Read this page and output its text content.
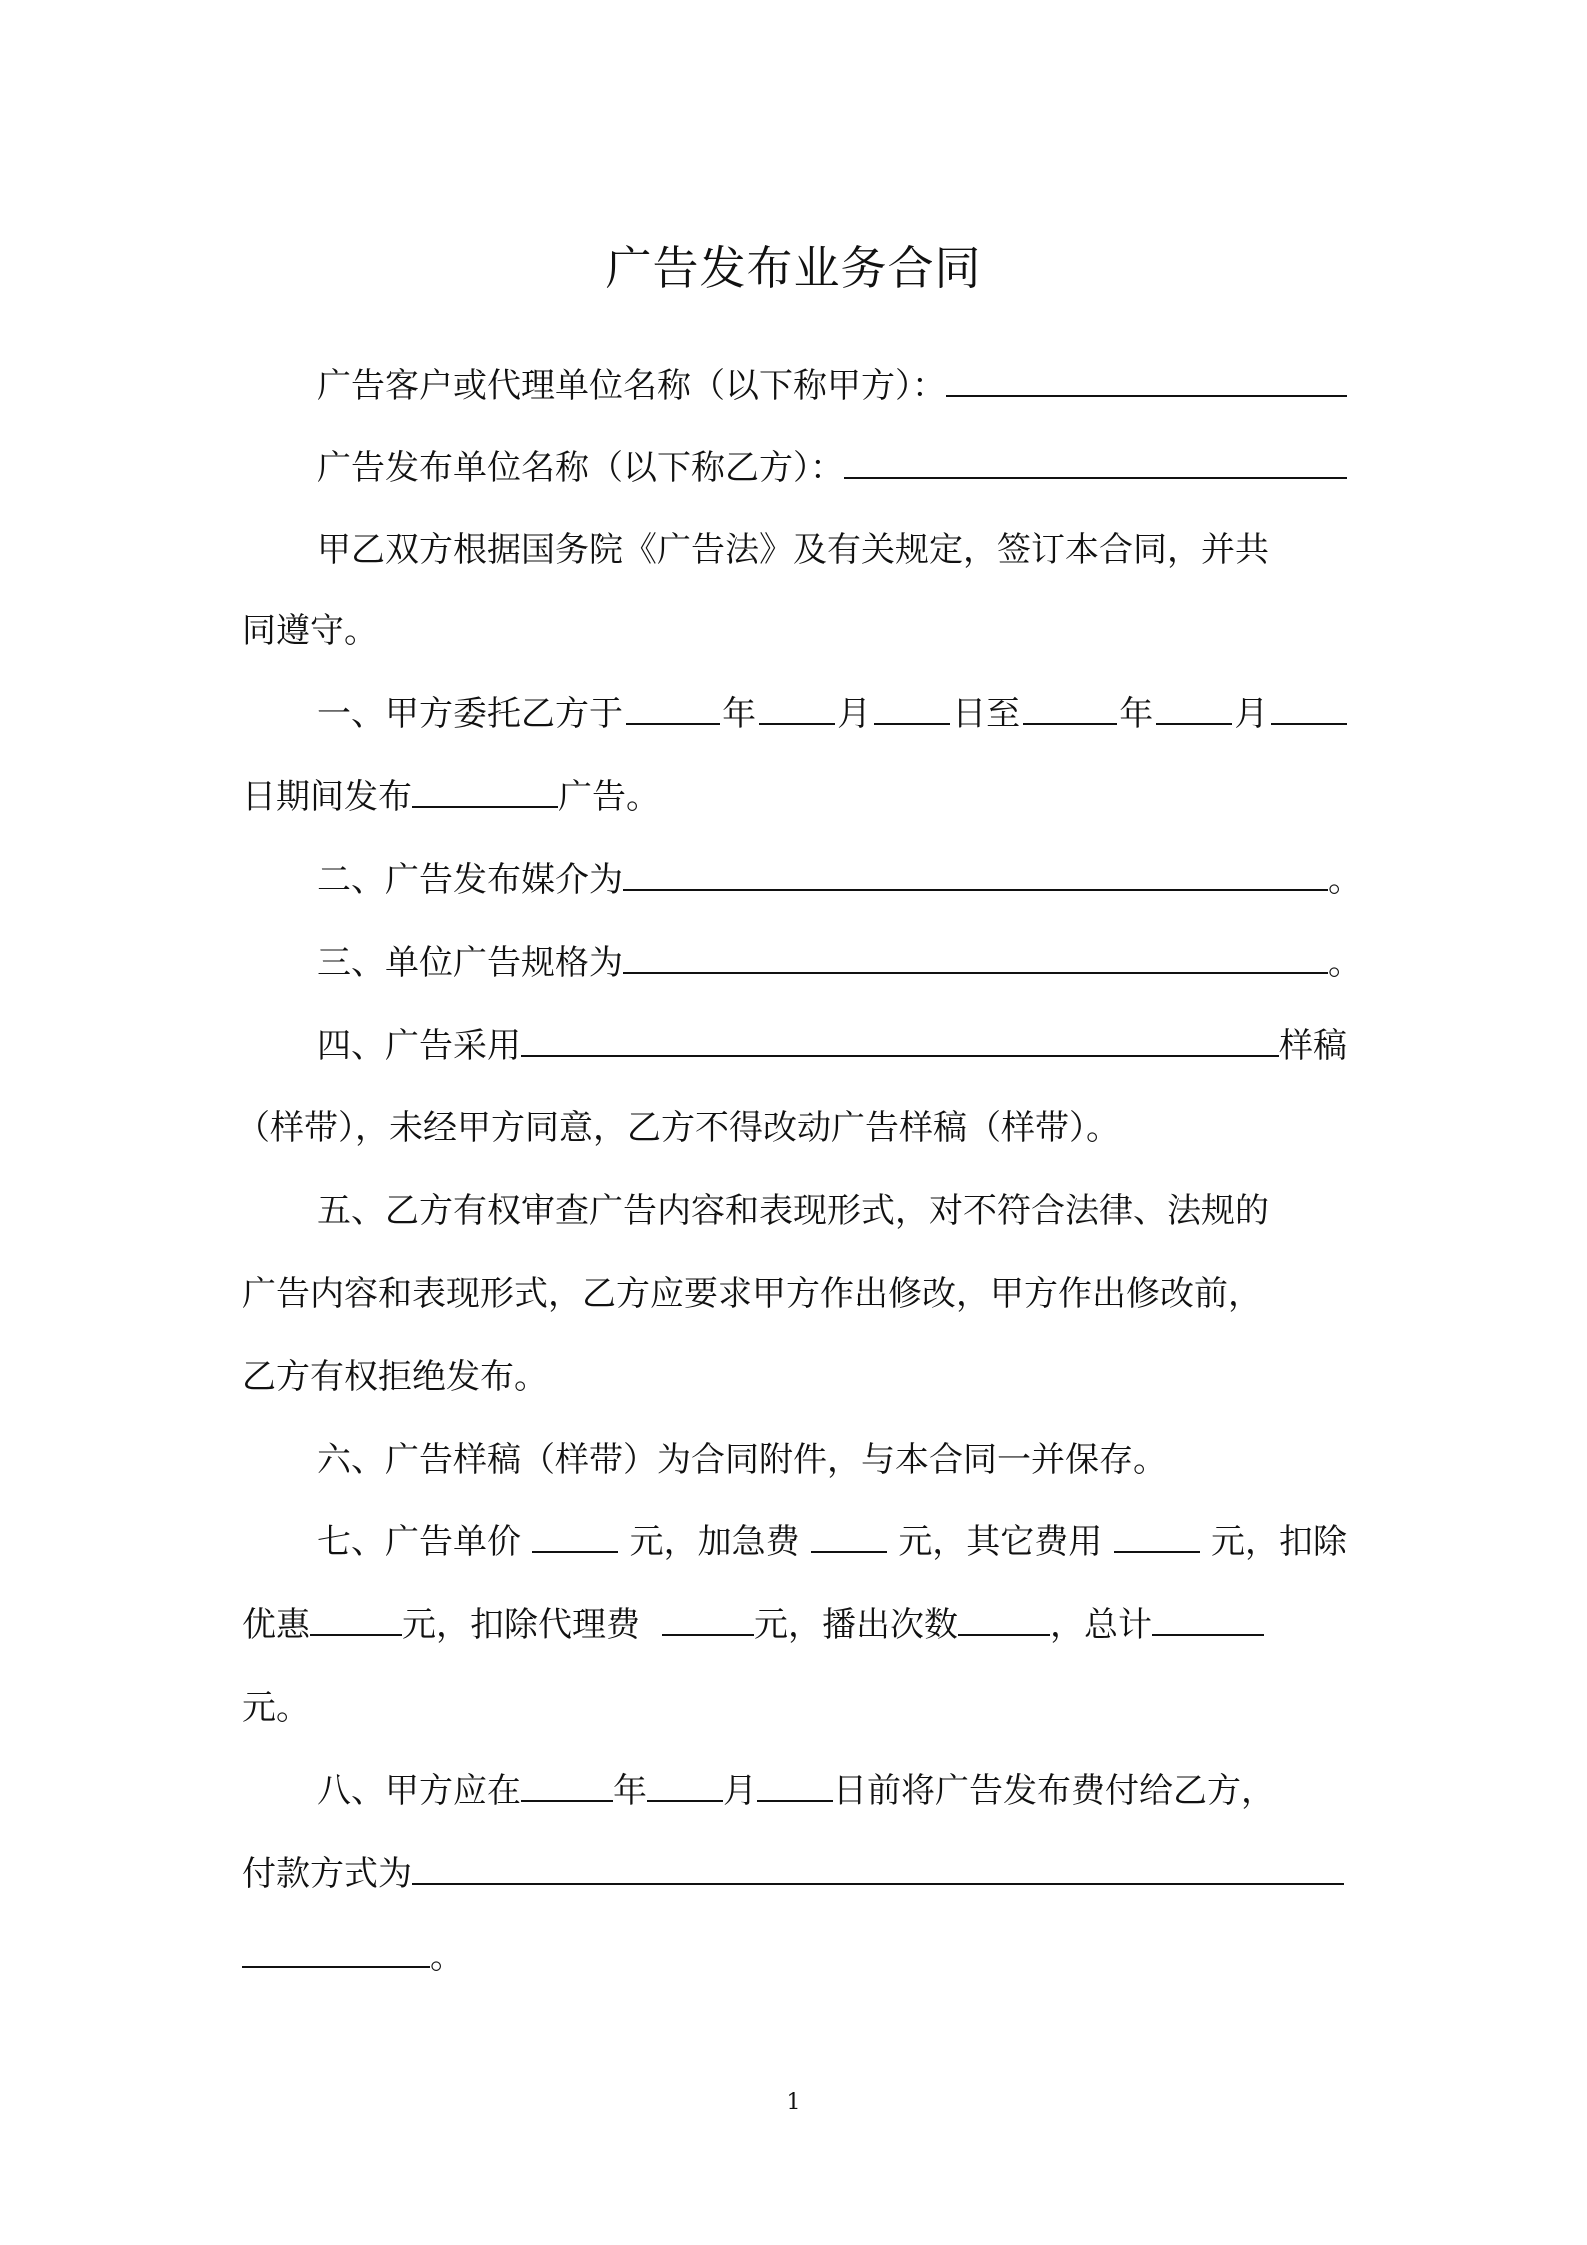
广告发布业务合同
广告客户或代理单位名称（以下称甲方）：
广告发布单位名称（以下称乙方）：
甲乙双方根据国务院《广告法》及有关规定，签订本合同，并共
同遵守。
一、甲方委托乙方于	年 月 日至	年 月
日期间发布	广告。
二、广告发布媒介为	。
三、单位广告规格为	。
四、广告采用	样稿
（样带），未经甲方同意，乙方不得改动广告样稿（样带）。
五、乙方有权审查广告内容和表现形式，对不符合法律、法规的
广告内容和表现形式，乙方应要求甲方作出修改，甲方作出修改前，
乙方有权拒绝发布。
六、广告样稿（样带）为合同附件，与本合同一并保存。
七、广告单价	元，加急费	元，其它费用	元，扣除
优惠	元，扣除代理费	元，播出次数	，总计
元。
八、甲方应在	年 月 日前将广告发布费付给乙方，
付款方式为
。
1
